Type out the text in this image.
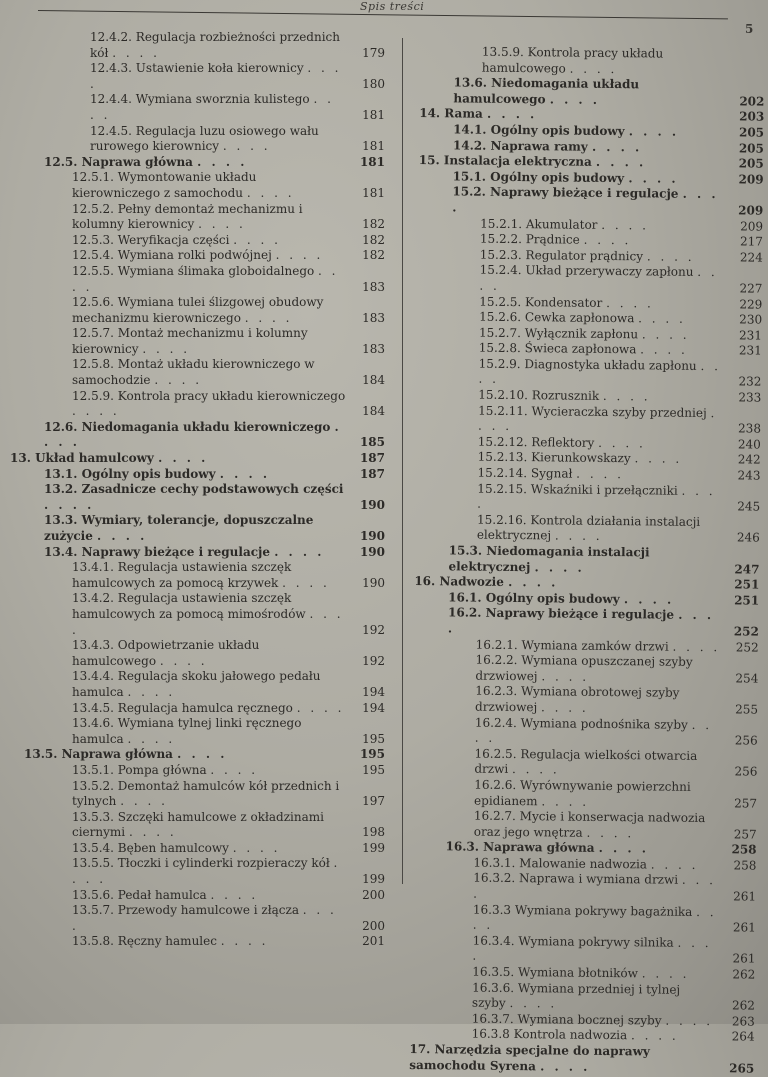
Spis treści
5
12.4.2. Regulacja rozbieżności przednich kół . . . .	179
12.4.3. Ustawienie koła kierownicy . . . .	180
12.4.4. Wymiana sworznia kulistego . . . .	181
12.4.5. Regulacja luzu osiowego wału rurowego kierownicy . . . .	181
12.5. Naprawa główna . . . .	181
12.5.1. Wymontowanie układu kierowniczego z samochodu . . . .	181
12.5.2. Pełny demontaż mechanizmu i kolumny kierownicy . . . .	182
12.5.3. Weryfikacja części . . . .	182
12.5.4. Wymiana rolki podwójnej . . . .	182
12.5.5. Wymiana ślimaka globoidalnego . . . .	183
12.5.6. Wymiana tulei ślizgowej obudowy mechanizmu kierowniczego . . . .	183
12.5.7. Montaż mechanizmu i kolumny kierownicy . . . .	183
12.5.8. Montaż układu kierowniczego w samochodzie . . . .	184
12.5.9. Kontrola pracy układu kierowniczego . . . .	184
12.6. Niedomagania układu kierowniczego . . . .	185
13. Układ hamulcowy . . . .	187
13.1. Ogólny opis budowy . . . .	187
13.2. Zasadnicze cechy podstawowych części . . . .	190
13.3. Wymiary, tolerancje, dopuszczalne zużycie . . . .	190
13.4. Naprawy bieżące i regulacje . . . .	190
13.4.1. Regulacja ustawienia szczęk hamulcowych za pomocą krzywek . . . .	190
13.4.2. Regulacja ustawienia szczęk hamulcowych za pomocą mimośrodów . . . .	192
13.4.3. Odpowietrzanie układu hamulcowego . . . .	192
13.4.4. Regulacja skoku jałowego pedału hamulca . . . .	194
13.4.5. Regulacja hamulca ręcznego . . . .	194
13.4.6. Wymiana tylnej linki ręcznego hamulca . . . .	195
13.5. Naprawa główna . . . .	195
13.5.1. Pompa główna . . . .	195
13.5.2. Demontaż hamulców kół przednich i tylnych . . . .	197
13.5.3. Szczęki hamulcowe z okładzinami ciernymi . . . .	198
13.5.4. Bęben hamulcowy . . . .	199
13.5.5. Tłoczki i cylinderki rozpieraczy kół . . . .	199
13.5.6. Pedał hamulca . . . .	200
13.5.7. Przewody hamulcowe i złącza . . . .	200
13.5.8. Ręczny hamulec . . . .	201
13.5.9. Kontrola pracy układu hamulcowego . . . .
13.6. Niedomagania układu hamulcowego . . . .	202
14. Rama . . . .	203
14.1. Ogólny opis budowy . . . .	205
14.2. Naprawa ramy . . . .	205
15. Instalacja elektryczna . . . .	205
15.1. Ogólny opis budowy . . . .	209
15.2. Naprawy bieżące i regulacje . . . .	209
15.2.1. Akumulator . . . .	209
15.2.2. Prądnice . . . .	217
15.2.3. Regulator prądnicy . . . .	224
15.2.4. Układ przerywaczy zapłonu . . . .	227
15.2.5. Kondensator . . . .	229
15.2.6. Cewka zapłonowa . . . .	230
15.2.7. Wyłącznik zapłonu . . . .	231
15.2.8. Świeca zapłonowa . . . .	231
15.2.9. Diagnostyka układu zapłonu . . . .	232
15.2.10. Rozrusznik . . . .	233
15.2.11. Wycieraczka szyby przedniej . . . .	238
15.2.12. Reflektory . . . .	240
15.2.13. Kierunkowskazy . . . .	242
15.2.14. Sygnał . . . .	243
15.2.15. Wskaźniki i przełączniki . . . .	245
15.2.16. Kontrola działania instalacji elektrycznej . . . .	246
15.3. Niedomagania instalacji elektrycznej . . . .	247
16. Nadwozie . . . .	251
16.1. Ogólny opis budowy . . . .	251
16.2. Naprawy bieżące i regulacje . . . .	252
16.2.1. Wymiana zamków drzwi . . . .	252
16.2.2. Wymiana opuszczanej szyby drzwiowej . . . .	254
16.2.3. Wymiana obrotowej szyby drzwiowej . . . .	255
16.2.4. Wymiana podnośnika szyby . . . .	256
16.2.5. Regulacja wielkości otwarcia drzwi . . . .	256
16.2.6. Wyrównywanie powierzchni epidianem . . . .	257
16.2.7. Mycie i konserwacja nadwozia oraz jego wnętrza . . . .	257
16.3. Naprawa główna . . . .	258
16.3.1. Malowanie nadwozia . . . .	258
16.3.2. Naprawa i wymiana drzwi . . . .	261
16.3.3 Wymiana pokrywy bagażnika . . . .	261
16.3.4. Wymiana pokrywy silnika . . . .	261
16.3.5. Wymiana błotników . . . .	262
16.3.6. Wymiana przedniej i tylnej szyby . . . .	262
16.3.7. Wymiana bocznej szyby . . . .	263
16.3.8 Kontrola nadwozia . . . .	264
17. Narzędzia specjalne do naprawy samochodu Syrena . . . .	265
